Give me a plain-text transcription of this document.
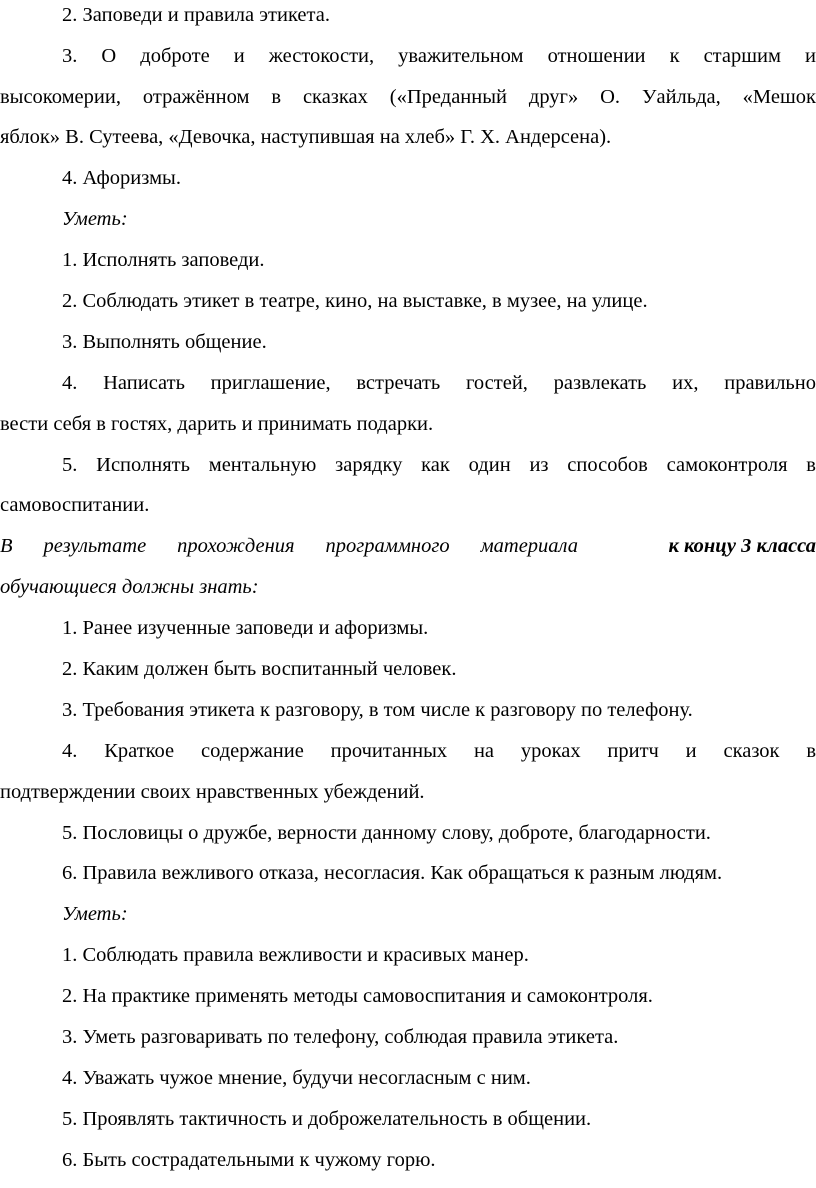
2. Заповеди и правила этикета.
3. О доброте и жестокости, уважительном отношении к старшим и
высокомерии, отражённом в сказках («Преданный друг» О. Уайльда, «Мешок
яблок» В. Сутеева, «Девочка, наступившая на хлеб» Г. Х. Андерсена).
4. Афоризмы.
Уметь:
1. Исполнять заповеди.
2. Соблюдать этикет в театре, кино, на выставке, в музее, на улице.
3. Выполнять общение.
4. Написать приглашение, встречать гостей, развлекать их, правильно
вести себя в гостях, дарить и принимать подарки.
5. Исполнять ментальную зарядку как один из способов самоконтроля в
самовоспитании.
В результате прохождения программного материала	к концу 3 класса
обучающиеся должны знать:
1. Ранее изученные заповеди и афоризмы.
2. Каким должен быть воспитанный человек.
3. Требования этикета к разговору, в том числе к разговору по телефону.
4. Краткое содержание прочитанных на уроках притч и сказок в
подтверждении своих нравственных убеждений.
5. Пословицы о дружбе, верности данному слову, доброте, благодарности.
6. Правила вежливого отказа, несогласия. Как обращаться к разным людям.
Уметь:
1. Соблюдать правила вежливости и красивых манер.
2. На практике применять методы самовоспитания и самоконтроля.
3. Уметь разговаривать по телефону, соблюдая правила этикета.
4. Уважать чужое мнение, будучи несогласным с ним.
5. Проявлять тактичность и доброжелательность в общении.
6. Быть сострадательными к чужому горю.
